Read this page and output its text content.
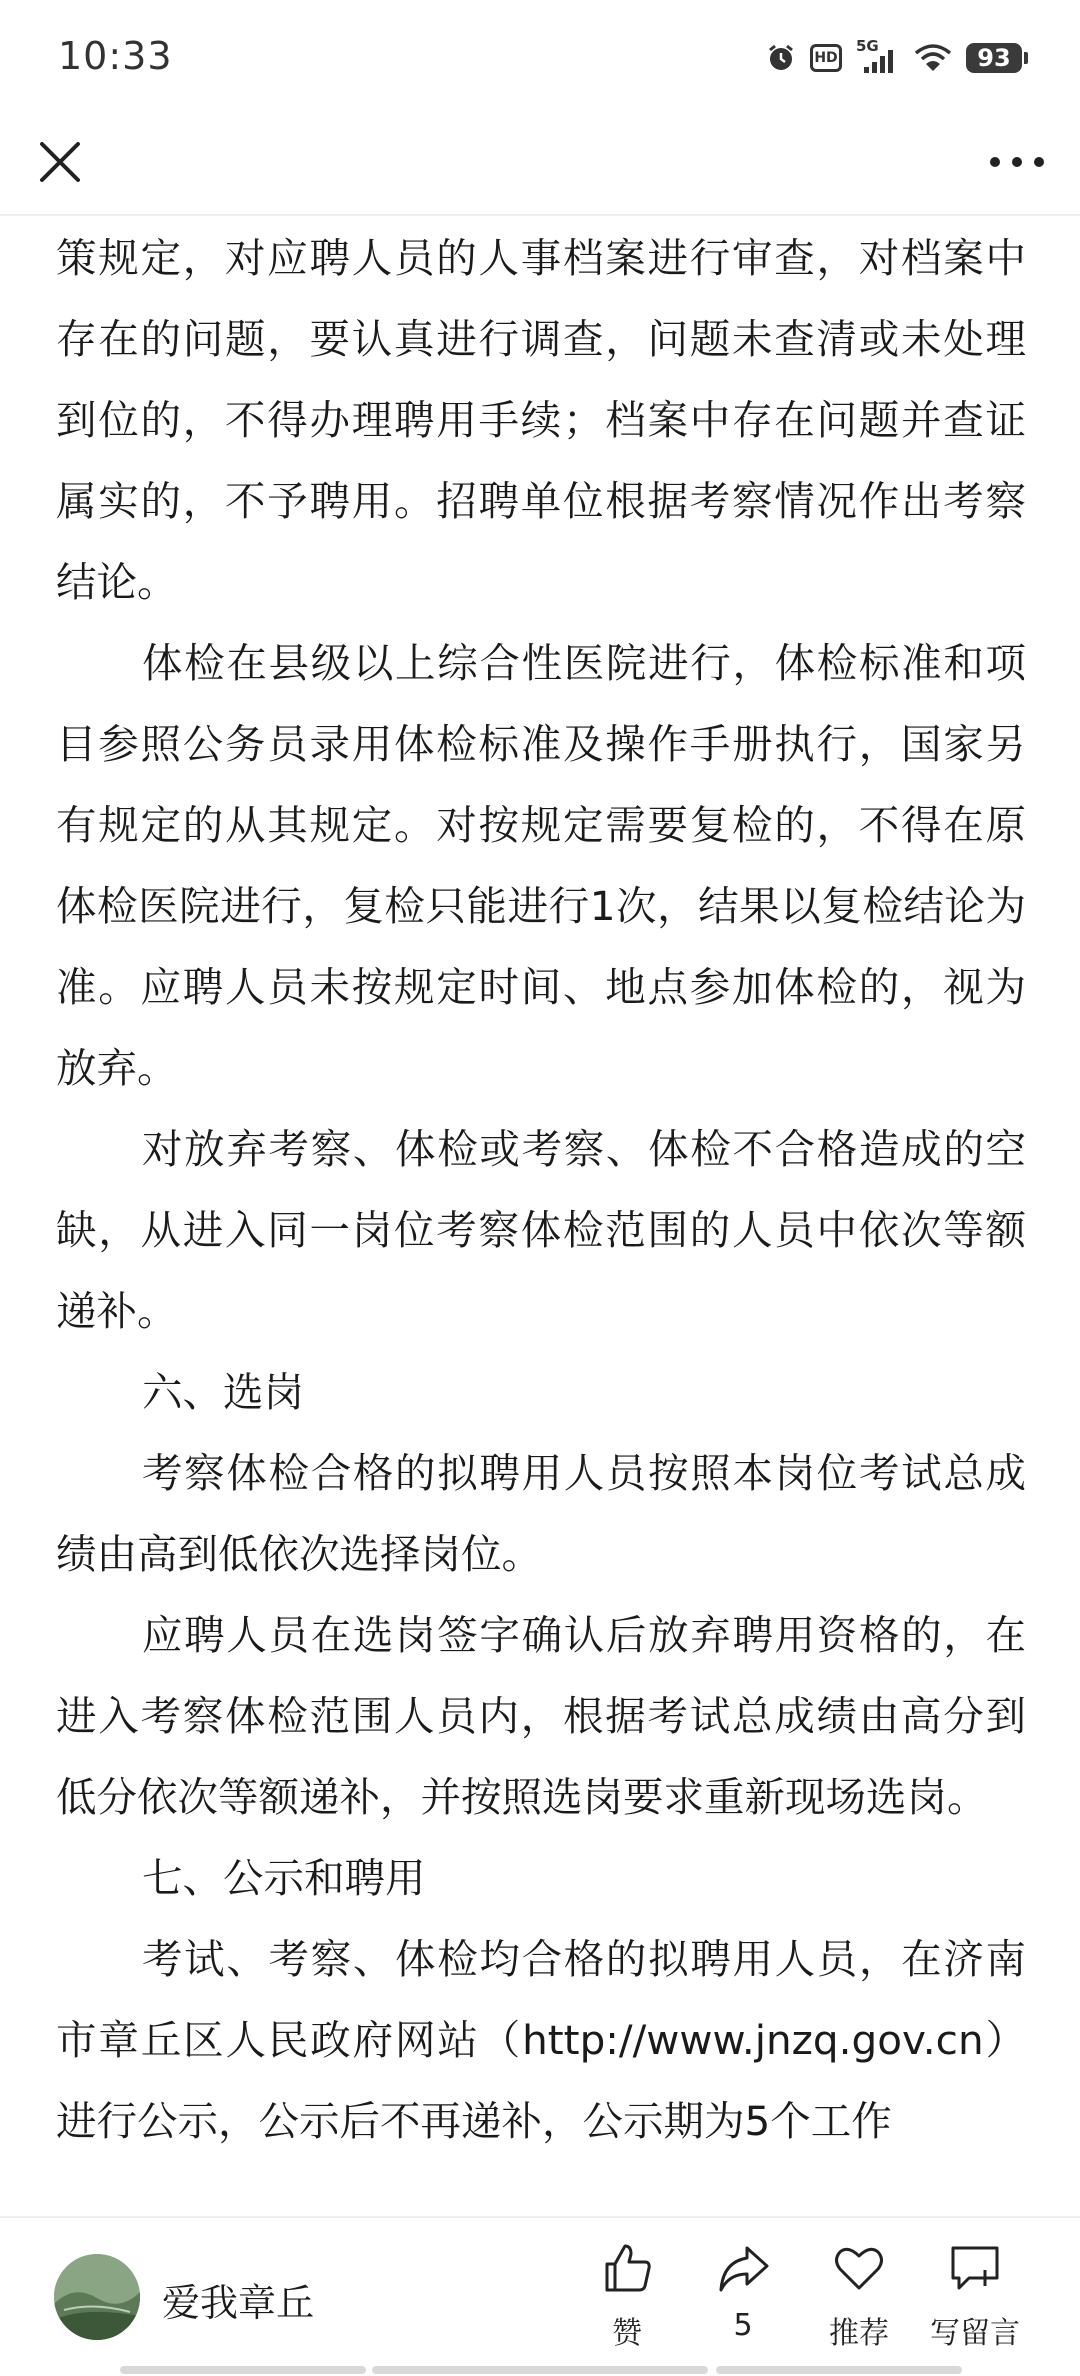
10:33	HD
5G	93

策规定，对应聘人员的人事档案进行审查，对档案中存在的问题，要认真进行调查，问题未查清或未处理到位的，不得办理聘用手续；档案中存在问题并查证属实的，不予聘用。招聘单位根据考察情况作出考察结论。

体检在县级以上综合性医院进行，体检标准和项目参照公务员录用体检标准及操作手册执行，国家另有规定的从其规定。对按规定需要复检的，不得在原体检医院进行，复检只能进行1次，结果以复检结论为准。应聘人员未按规定时间、地点参加体检的，视为放弃。

对放弃考察、体检或考察、体检不合格造成的空缺，从进入同一岗位考察体检范围的人员中依次等额递补。

六、选岗

考察体检合格的拟聘用人员按照本岗位考试总成绩由高到低依次选择岗位。

应聘人员在选岗签字确认后放弃聘用资格的，在进入考察体检范围人员内，根据考试总成绩由高分到低分依次等额递补，并按照选岗要求重新现场选岗。

七、公示和聘用

考试、考察、体检均合格的拟聘用人员，在济南市章丘区人民政府网站（http://www.jnzq.gov.cn）进行公示，公示后不再递补，公示期为5个工作

爱我章丘
赞	5	推荐 写留言
